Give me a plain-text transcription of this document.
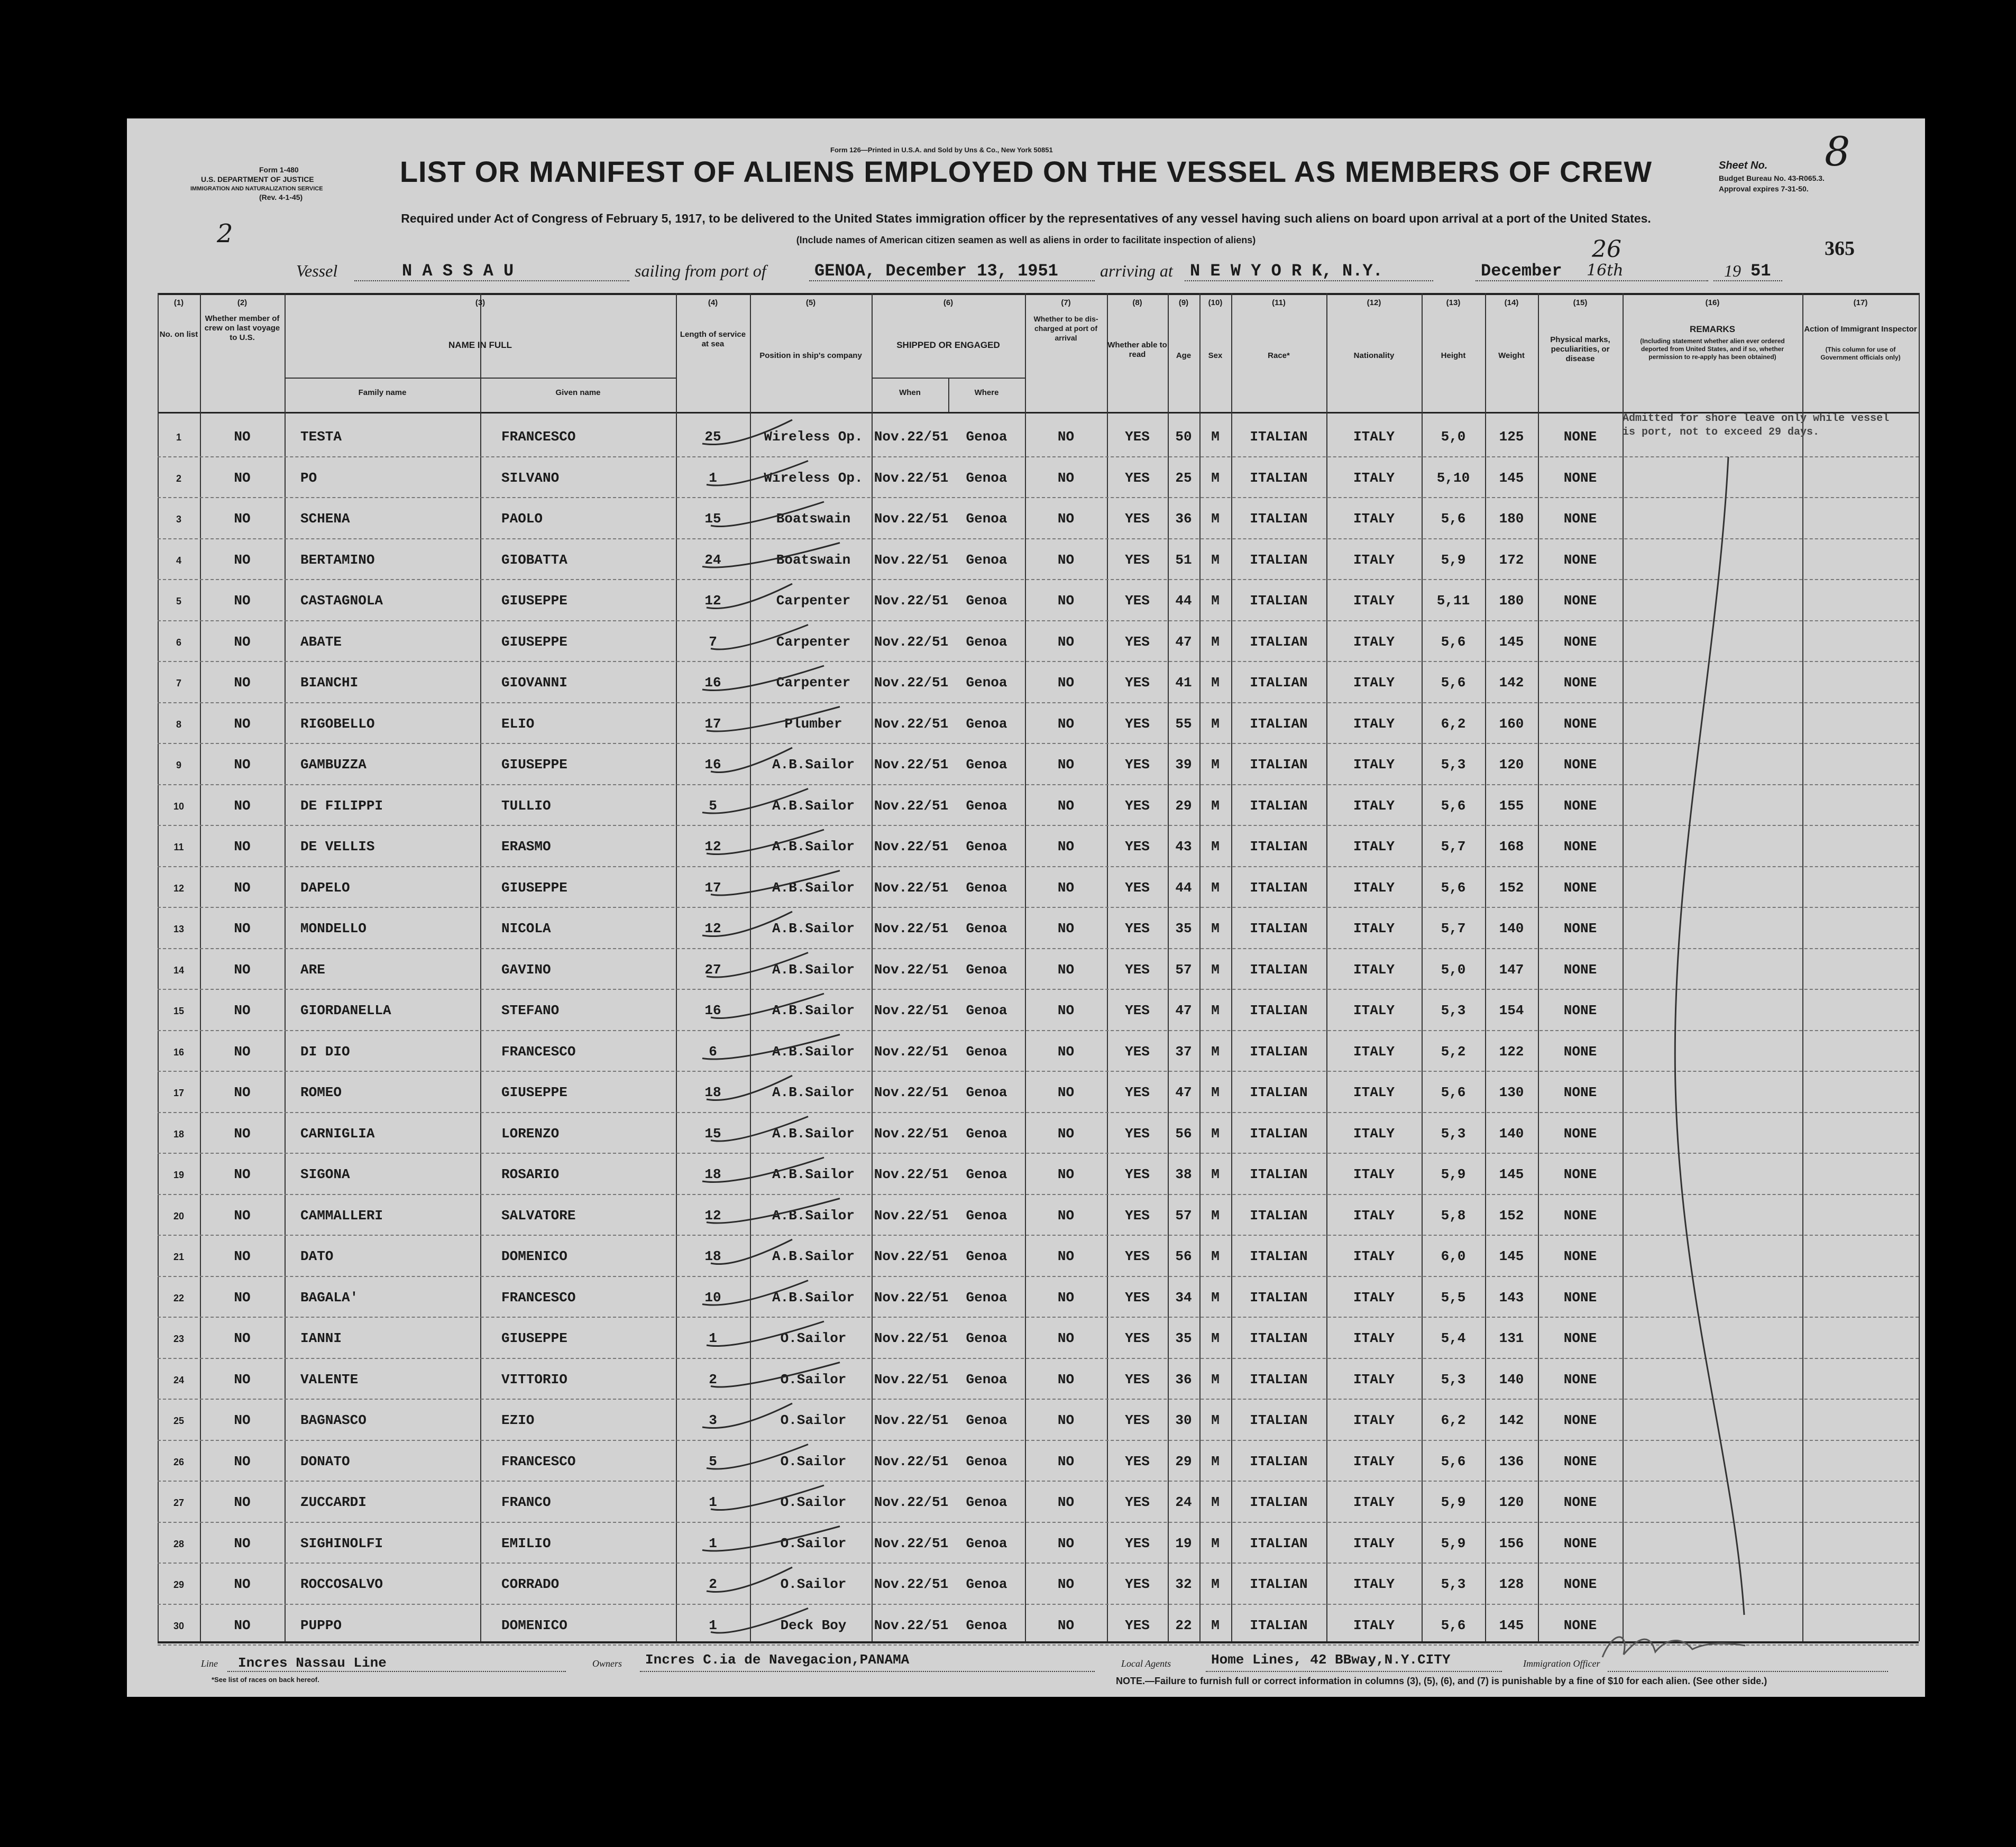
Form 1-480
U.S. DEPARTMENT OF JUSTICE
IMMIGRATION AND NATURALIZATION SERVICE
(Rev. 4-1-45)
Form 126—Printed in U.S.A. and Sold by Uns & Co., New York 50851
LIST OR MANIFEST OF ALIENS EMPLOYED ON THE VESSEL AS MEMBERS OF CREW	Sheet No. 8
Budget Bureau No. 43-R065.3.
Approval expires 7-31-50.
Required under Act of Congress of February 5, 1917, to be delivered to the United States immigration officer by the representatives of any vessel having such aliens on board upon arrival at a port of the United States.
(Include names of American citizen seamen as well as aliens in order to facilitate inspection of aliens)
2	365
Vessel	N A S S A U	sailing from port of	GENOA, December 13, 1951 arriving at N E W Y O R K, N.Y.	December 16th
26
19 51
(1)	(2)	(3)	(4)	(5)	(6)	(7)	(8)	(9)	(10)	(11)	(12)	(13)	(14)	(15)	(16)	(17)
No. on list
Whether member of crew on last voyage to U.S.
NAME IN FULL
Family name	Given name
Length of service at sea
Position in ship's company
SHIPPED OR ENGAGED
When	Where
Whether to be dis-charged at port of arrival
Whether able to read	Age	Sex	Race*	Nationality	Height	Weight
Physical marks, peculiarities, or disease
REMARKS
(Including statement whether alien ever ordered deported from United States, and if so, whether permission to re-apply has been obtained)
Action of Immigrant Inspector
(This column for use of Government officials only)
1	NO	TESTA	FRANCESCO	25	Wireless Op. Nov.22/51	Genoa	NO	YES	50	M	ITALIAN	ITALY	5,0	125	NONE
2	NO	PO	SILVANO	1	Wireless Op. Nov.22/51	Genoa	NO	YES	25	M	ITALIAN	ITALY	5,10	145	NONE
3	NO	SCHENA	PAOLO	15	Boatswain	Nov.22/51	Genoa	NO	YES	36	M	ITALIAN	ITALY	5,6	180	NONE
4	NO	BERTAMINO	GIOBATTA	24	Boatswain	Nov.22/51	Genoa	NO	YES	51	M	ITALIAN	ITALY	5,9	172	NONE
5	NO	CASTAGNOLA	GIUSEPPE	12	Carpenter	Nov.22/51	Genoa	NO	YES	44	M	ITALIAN	ITALY	5,11	180	NONE
6	NO	ABATE	GIUSEPPE	7	Carpenter	Nov.22/51	Genoa	NO	YES	47	M	ITALIAN	ITALY	5,6	145	NONE
7	NO	BIANCHI	GIOVANNI	16	Carpenter	Nov.22/51	Genoa	NO	YES	41	M	ITALIAN	ITALY	5,6	142	NONE
8	NO	RIGOBELLO	ELIO	17	Plumber	Nov.22/51	Genoa	NO	YES	55	M	ITALIAN	ITALY	6,2	160	NONE
9	NO	GAMBUZZA	GIUSEPPE	16	A.B.Sailor	Nov.22/51	Genoa	NO	YES	39	M	ITALIAN	ITALY	5,3	120	NONE
10	NO	DE FILIPPI	TULLIO	5	A.B.Sailor	Nov.22/51	Genoa	NO	YES	29	M	ITALIAN	ITALY	5,6	155	NONE
11	NO	DE VELLIS	ERASMO	12	A.B.Sailor	Nov.22/51	Genoa	NO	YES	43	M	ITALIAN	ITALY	5,7	168	NONE
12	NO	DAPELO	GIUSEPPE	17	A.B.Sailor	Nov.22/51	Genoa	NO	YES	44	M	ITALIAN	ITALY	5,6	152	NONE
13	NO	MONDELLO	NICOLA	12	A.B.Sailor	Nov.22/51	Genoa	NO	YES	35	M	ITALIAN	ITALY	5,7	140	NONE
14	NO	ARE	GAVINO	27	A.B.Sailor	Nov.22/51	Genoa	NO	YES	57	M	ITALIAN	ITALY	5,0	147	NONE
15	NO	GIORDANELLA	STEFANO	16	A.B.Sailor	Nov.22/51	Genoa	NO	YES	47	M	ITALIAN	ITALY	5,3	154	NONE
16	NO	DI DIO	FRANCESCO	6	A.B.Sailor	Nov.22/51	Genoa	NO	YES	37	M	ITALIAN	ITALY	5,2	122	NONE
17	NO	ROMEO	GIUSEPPE	18	A.B.Sailor	Nov.22/51	Genoa	NO	YES	47	M	ITALIAN	ITALY	5,6	130	NONE
18	NO	CARNIGLIA	LORENZO	15	A.B.Sailor	Nov.22/51	Genoa	NO	YES	56	M	ITALIAN	ITALY	5,3	140	NONE
19	NO	SIGONA	ROSARIO	18	A.B.Sailor	Nov.22/51	Genoa	NO	YES	38	M	ITALIAN	ITALY	5,9	145	NONE
20	NO	CAMMALLERI	SALVATORE	12	A.B.Sailor	Nov.22/51	Genoa	NO	YES	57	M	ITALIAN	ITALY	5,8	152	NONE
21	NO	DATO	DOMENICO	18	A.B.Sailor	Nov.22/51	Genoa	NO	YES	56	M	ITALIAN	ITALY	6,0	145	NONE
22	NO	BAGALA'	FRANCESCO	10	A.B.Sailor	Nov.22/51	Genoa	NO	YES	34	M	ITALIAN	ITALY	5,5	143	NONE
23	NO	IANNI	GIUSEPPE	1	O.Sailor	Nov.22/51	Genoa	NO	YES	35	M	ITALIAN	ITALY	5,4	131	NONE
24	NO	VALENTE	VITTORIO	2	O.Sailor	Nov.22/51	Genoa	NO	YES	36	M	ITALIAN	ITALY	5,3	140	NONE
25	NO	BAGNASCO	EZIO	3	O.Sailor	Nov.22/51	Genoa	NO	YES	30	M	ITALIAN	ITALY	6,2	142	NONE
26	NO	DONATO	FRANCESCO	5	O.Sailor	Nov.22/51	Genoa	NO	YES	29	M	ITALIAN	ITALY	5,6	136	NONE
27	NO	ZUCCARDI	FRANCO	1	O.Sailor	Nov.22/51	Genoa	NO	YES	24	M	ITALIAN	ITALY	5,9	120	NONE
28	NO	SIGHINOLFI	EMILIO	1	O.Sailor	Nov.22/51	Genoa	NO	YES	19	M	ITALIAN	ITALY	5,9	156	NONE
29	NO	ROCCOSALVO	CORRADO	2	O.Sailor	Nov.22/51	Genoa	NO	YES	32	M	ITALIAN	ITALY	5,3	128	NONE
30	NO	PUPPO	DOMENICO	1	Deck Boy	Nov.22/51	Genoa	NO	YES	22	M	ITALIAN	ITALY	5,6	145	NONE
Admitted for shore leave only while vessel is port, not to exceed 29 days.
Line Incres Nassau Line	Owners Incres C.ia de Navegacion,PANAMA	Local Agents	Home Lines, 42 BBway,N.Y.CITY	Immigration Officer
*See list of races on back hereof.	NOTE.—Failure to furnish full or correct information in columns (3), (5), (6), and (7) is punishable by a fine of $10 for each alien. (See other side.)
